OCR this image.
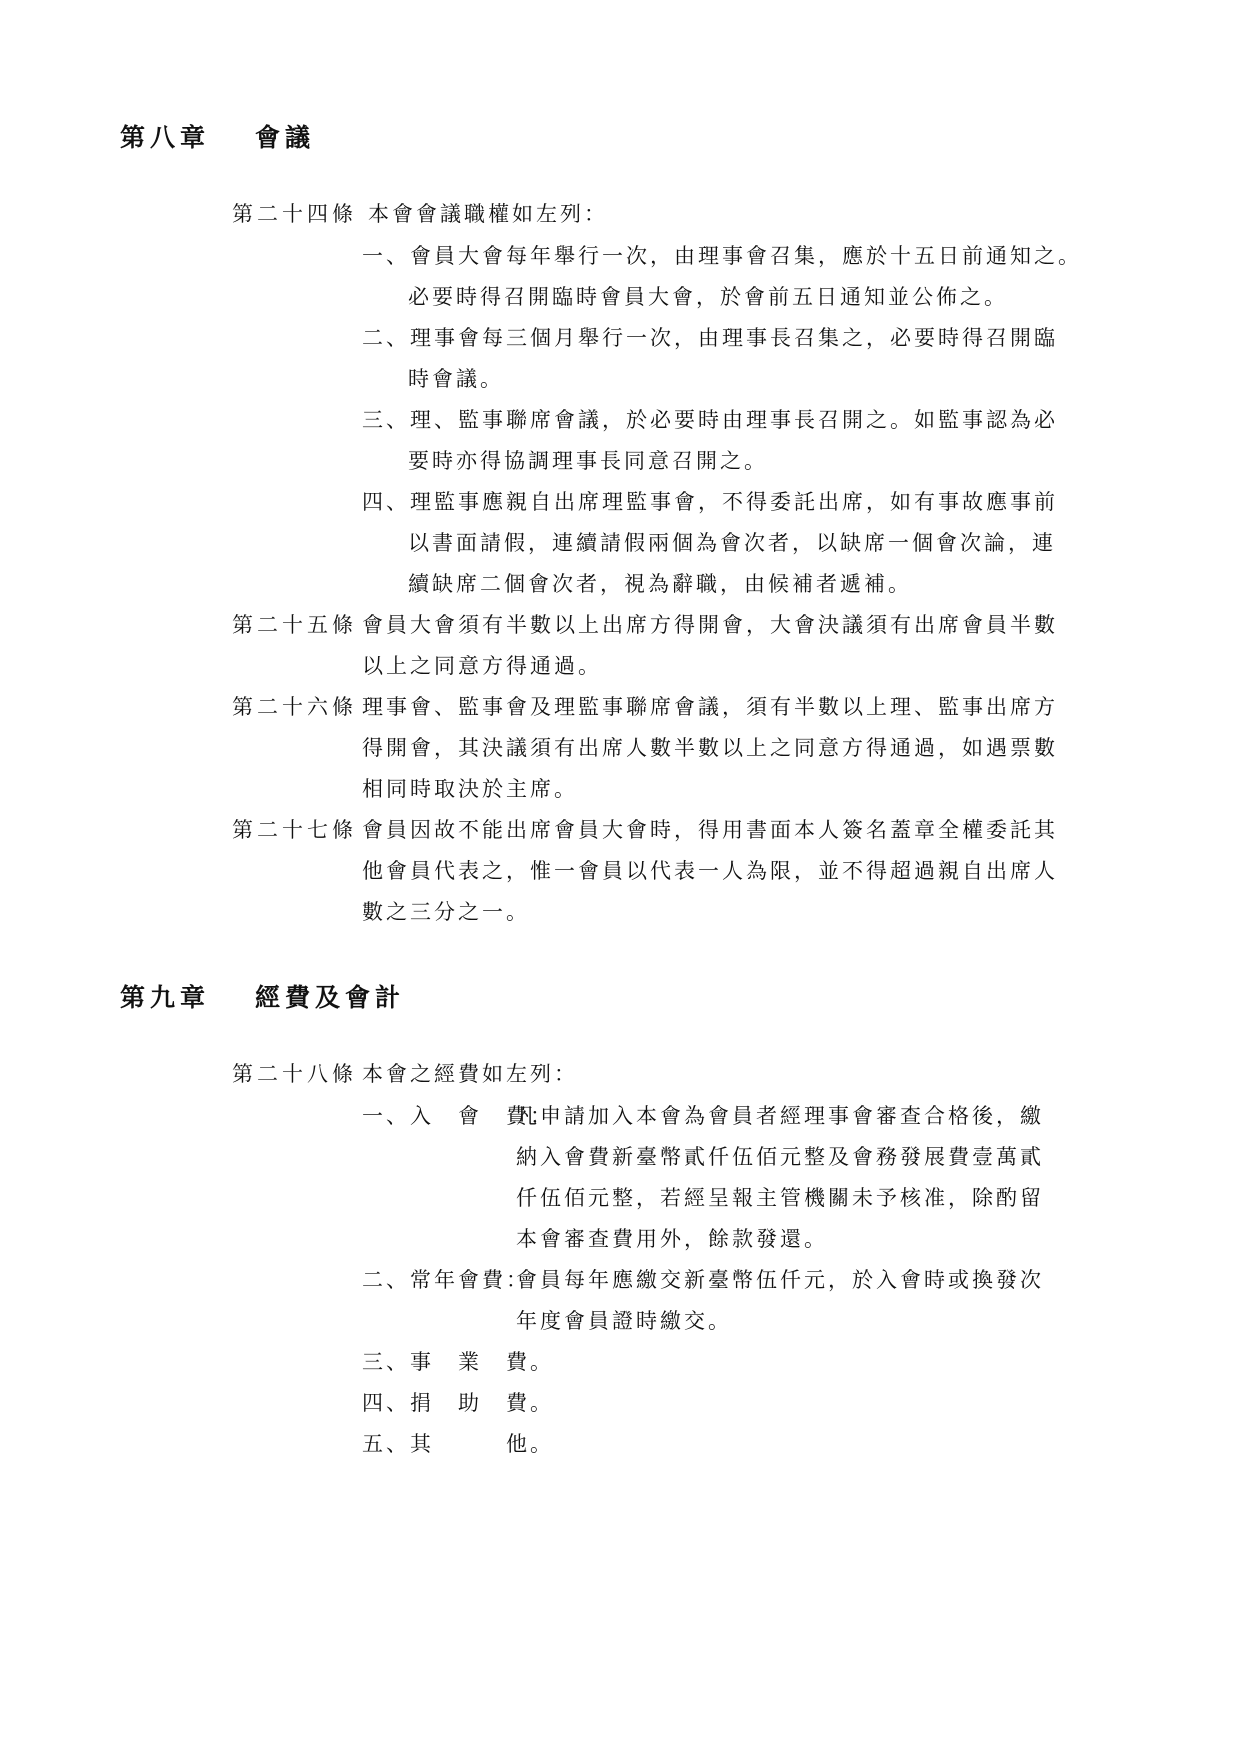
第八章 會議
第二十四條 本會會議職權如左列：
一、會員大會每年舉行一次，由理事會召集，應於十五日前通知之。
必要時得召開臨時會員大會，於會前五日通知並公佈之。
二、理事會每三個月舉行一次，由理事長召集之，必要時得召開臨
時會議。
三、理、監事聯席會議，於必要時由理事長召開之。如監事認為必
要時亦得協調理事長同意召開之。
四、理監事應親自出席理監事會，不得委託出席，如有事故應事前
以書面請假，連續請假兩個為會次者，以缺席一個會次論，連
續缺席二個會次者，視為辭職，由候補者遞補。
第二十五條 會員大會須有半數以上出席方得開會，大會決議須有出席會員半數
以上之同意方得通過。
第二十六條 理事會、監事會及理監事聯席會議，須有半數以上理、監事出席方
得開會，其決議須有出席人數半數以上之同意方得通過，如遇票數
相同時取決於主席。
第二十七條 會員因故不能出席會員大會時，得用書面本人簽名蓋章全權委託其
他會員代表之，惟一會員以代表一人為限，並不得超過親自出席人
數之三分之一。
第九章 經費及會計
第二十八條 本會之經費如左列：
一、入　會　費：
凡申請加入本會為會員者經理事會審查合格後，繳
納入會費新臺幣貳仟伍佰元整及會務發展費壹萬貳
仟伍佰元整，若經呈報主管機關未予核准，除酌留
本會審查費用外，餘款發還。
二、常年會費：
會員每年應繳交新臺幣伍仟元，於入會時或換發次
年度會員證時繳交。
三、事　業　費。
四、捐　助　費。
五、其　　　他。
